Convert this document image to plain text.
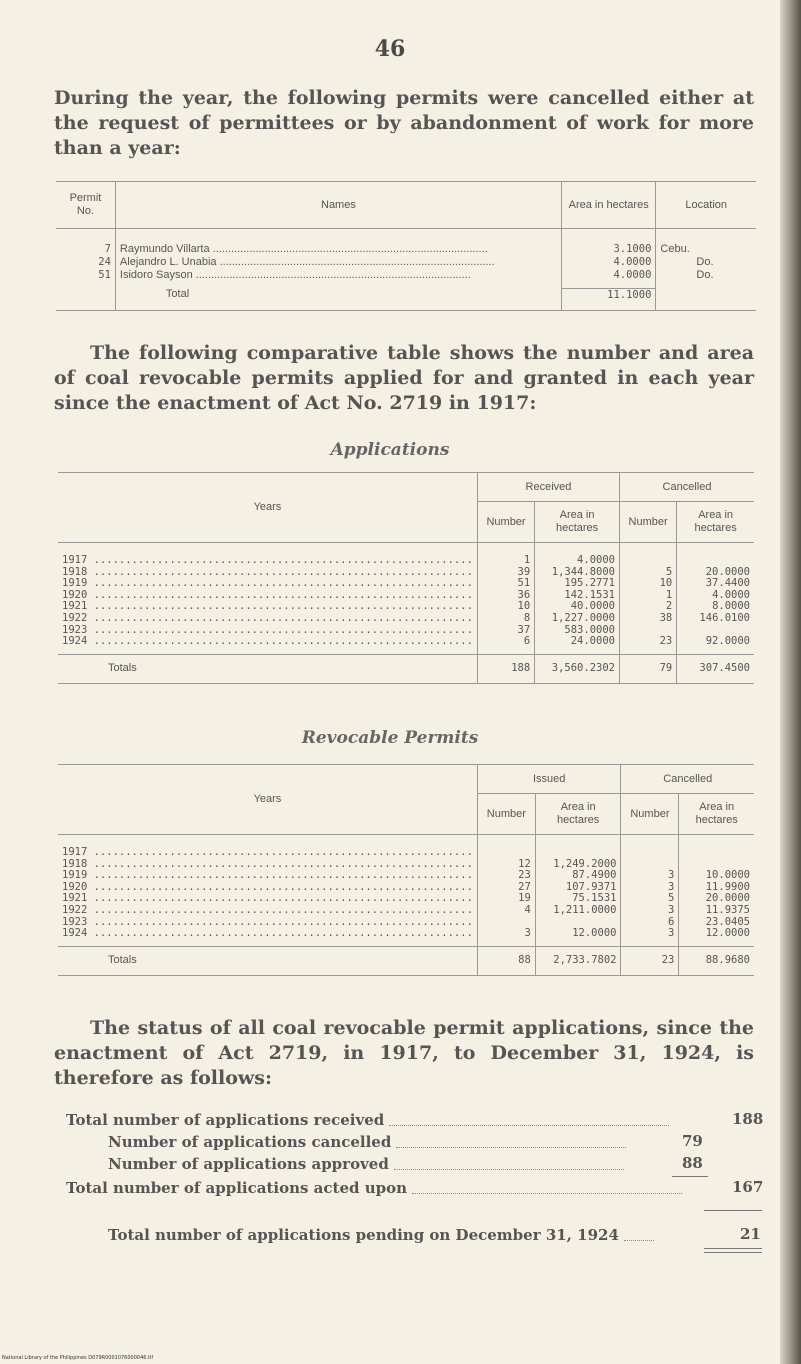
46
During the year, the following permits were cancelled either at the request of permittees or by abandonment of work for more than a year:
Permit No.	Names	Area in hectares	Location

7	Raymundo Villarta ..........................................................................................	3.1000	Cebu.
24	Alejandro L. Unabia ..........................................................................................	4.0000	Do.
51	Isidoro Sayson ..........................................................................................	4.0000	Do.

	Total	11.1000	
The following comparative table shows the number and area of coal revocable permits applied for and granted in each year since the enactment of Act No. 2719 in 1917:
Applications
Years	Received		Cancelled	
	Number	Area in hectares	Number	Area in hectares
1917 ............................................................	1	4.0000		
1918 ............................................................	39	1,344.8000	5	20.0000
1919 ............................................................	51	195.2771	10	37.4400
1920 ............................................................	36	142.1531	1	4.0000
1921 ............................................................	10	40.0000	2	8.0000
1922 ............................................................	8	1,227.0000	38	146.0100
1923 ............................................................	37	583.0000		
1924 ............................................................	6	24.0000	23	92.0000
Totals	188	3,560.2302	79	307.4500
Revocable Permits
Years	Issued		Cancelled	
	Number	Area in hectares	Number	Area in hectares
1917 ............................................................				
1918 ............................................................	12	1,249.2000		
1919 ............................................................	23	87.4900	3	10.0000
1920 ............................................................	27	107.9371	3	11.9900
1921 ............................................................	19	75.1531	5	20.0000
1922 ............................................................	4	1,211.0000	3	11.9375
1923 ............................................................			6	23.0405
1924 ............................................................	3	12.0000	3	12.0000
Totals	88	2,733.7802	23	88.9680
The status of all coal revocable permit applications, since the enactment of Act 2719, in 1917, to December 31, 1924, is therefore as follows:
Total number of applications received	188
Number of applications cancelled	79
Number of applications approved	88
Total number of applications acted upon	167
Total number of applications pending on December 31, 1924	21
National Library of the Philippines D079R0001076000046.tif
